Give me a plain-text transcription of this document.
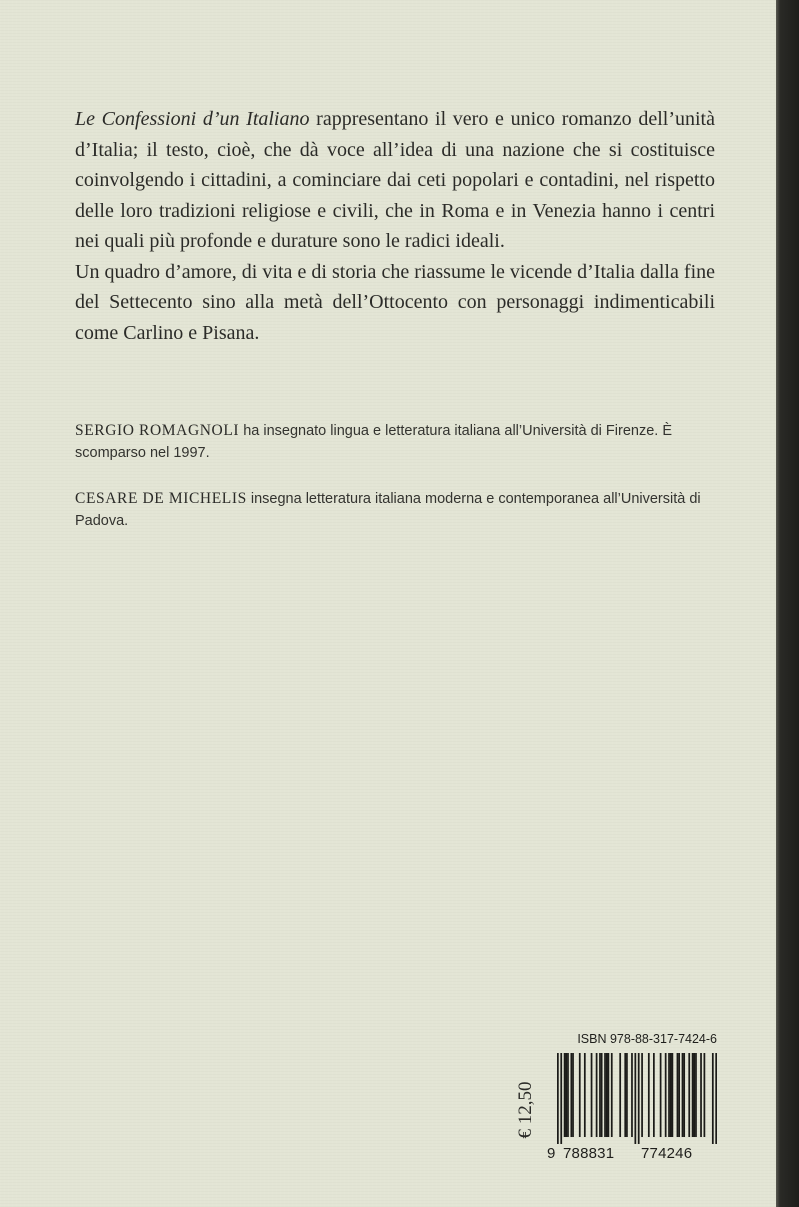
Le Confessioni d’un Italiano rappresentano il vero e unico romanzo dell’unità d’Italia; il testo, cioè, che dà voce all’idea di una nazione che si costituisce coinvolgendo i cittadini, a cominciare dai ceti popolari e contadini, nel rispetto delle loro tradizioni religiose e civili, che in Roma e in Venezia hanno i centri nei quali più profonde e durature sono le radici ideali.

Un quadro d’amore, di vita e di storia che riassume le vicende d’Italia dalla fine del Settecento sino alla metà dell’Ottocento con personaggi indimenticabili come Carlino e Pisana.

SERGIO ROMAGNOLI ha insegnato lingua e letteratura italiana all’Università di Firenze. È scomparso nel 1997.

CESARE DE MICHELIS insegna letteratura italiana moderna e contemporanea all’Università di Padova.

€ 12,50
ISBN 978-88-317-7424-6
9 788831 774246
